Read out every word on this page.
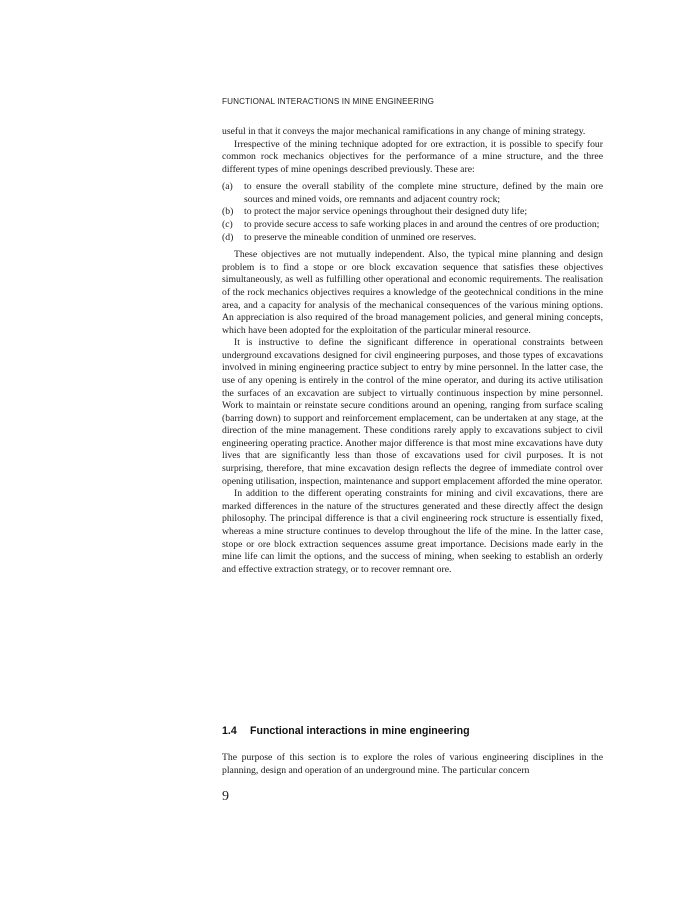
FUNCTIONAL INTERACTIONS IN MINE ENGINEERING

useful in that it conveys the major mechanical ramifications in any change of mining strategy.

Irrespective of the mining technique adopted for ore extraction, it is possible to specify four common rock mechanics objectives for the performance of a mine structure, and the three different types of mine openings described previously. These are:

(a)	to ensure the overall stability of the complete mine structure, defined by the main ore sources and mined voids, ore remnants and adjacent country rock;
(b)	to protect the major service openings throughout their designed duty life;
(c)	to provide secure access to safe working places in and around the centres of ore production;
(d)	to preserve the mineable condition of unmined ore reserves.

These objectives are not mutually independent. Also, the typical mine planning and design problem is to find a stope or ore block excavation sequence that satisfies these objectives simultaneously, as well as fulfilling other operational and economic requirements. The realisation of the rock mechanics objectives requires a knowledge of the geotechnical conditions in the mine area, and a capacity for analysis of the mechanical consequences of the various mining options. An appreciation is also required of the broad management policies, and general mining concepts, which have been adopted for the exploitation of the particular mineral resource.

It is instructive to define the significant difference in operational constraints between underground excavations designed for civil engineering purposes, and those types of excavations involved in mining engineering practice subject to entry by mine personnel. In the latter case, the use of any opening is entirely in the control of the mine operator, and during its active utilisation the surfaces of an excavation are subject to virtually continuous inspection by mine personnel. Work to maintain or reinstate secure conditions around an opening, ranging from surface scaling (barring down) to support and reinforcement emplacement, can be undertaken at any stage, at the direction of the mine management. These conditions rarely apply to excavations subject to civil engineering operating practice. Another major difference is that most mine excavations have duty lives that are significantly less than those of excavations used for civil purposes. It is not surprising, therefore, that mine excavation design reflects the degree of immediate control over opening utilisation, inspection, maintenance and support emplacement afforded the mine operator.

In addition to the different operating constraints for mining and civil excavations, there are marked differences in the nature of the structures generated and these directly affect the design philosophy. The principal difference is that a civil engineering rock structure is essentially fixed, whereas a mine structure continues to develop throughout the life of the mine. In the latter case, stope or ore block extraction sequences assume great importance. Decisions made early in the mine life can limit the options, and the success of mining, when seeking to establish an orderly and effective extraction strategy, or to recover remnant ore.

1.4 Functional interactions in mine engineering

The purpose of this section is to explore the roles of various engineering disciplines in the planning, design and operation of an underground mine. The particular concern

9
